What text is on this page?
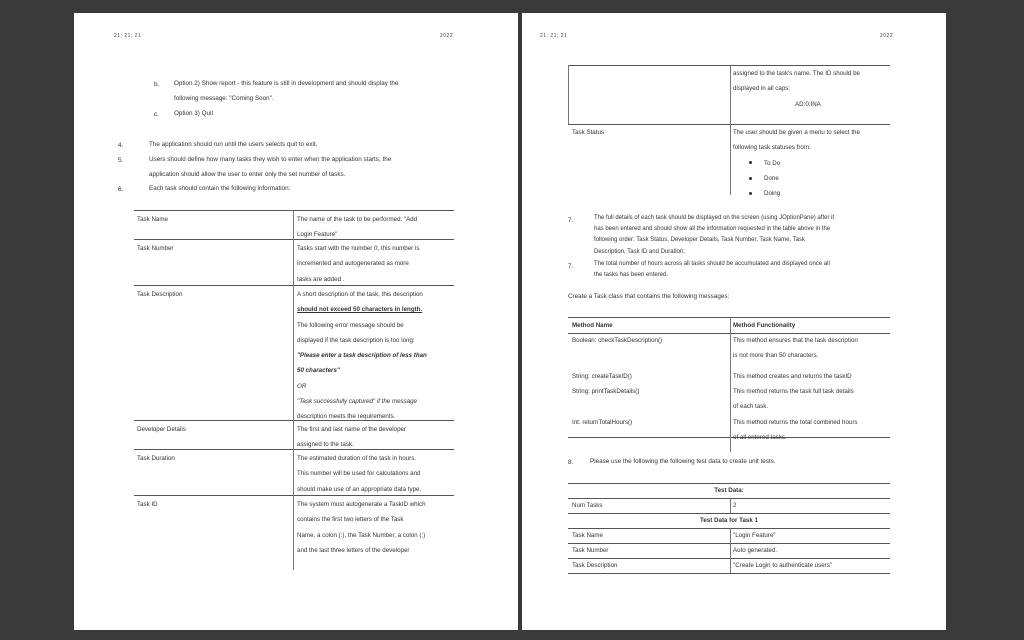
21; 21; 21	2022
b. Option 2) Show report - this feature is still in development and should display the
following message: "Coming Soon".
c. Option 3) Quit
4.	The application should run until the users selects quit to exit.
5.	Users should define how many tasks they wish to enter when the application starts, the
application should allow the user to enter only the set number of tasks.
6.	Each task should contain the following information:
Task Name	The name of the task to be performed: "Add
Login Feature"
Task Number	Tasks start with the number 0, this number is
incremented and autogenerated as more
tasks are added .
Task Description	A short description of the task, this description
should not exceed 50 characters in length.
The following error message should be
displayed if the task description is too long:
"Please enter a task description of less than
50 characters"
OR
"Task successfully captured" if the message
description meets the requirements.
Developer Details	The first and last name of the developer
assigned to the task.
Task Duration	The estimated duration of the task in hours.
This number will be used for calculations and
should make use of an appropriate data type.
Task ID	The system must autogenerate a TaskID which
contains the first two letters of the Task
Name, a colon (:), the Task Number, a colon (:)
and the last three letters of the developer
21; 21; 21	2022
assigned to the task's name. The ID should be
displayed in all caps:
AD:0:INA
Task Status	The user should be given a menu to select the
following task statuses from:
To Do
Done
Doing
7.	The full details of each task should be displayed on the screen (using JOptionPane) after it
has been entered and should show all the information requested in the table above in the
following order: Task Status, Developer Details, Task Number, Task Name, Task
Description, Task ID and Duration;
7.	The total number of hours across all tasks should be accumulated and displayed once all
the tasks has been entered.
Create a Task class that contains the following messages:
Method Name	Method Functionality
Boolean: checkTaskDescription()	This method ensures that the task description
is not more than 50 characters.
String: createTaskID()	This method creates and returns the taskID
String: printTaskDetails()	This method returns the task full task details
of each task.
Int: returnTotalHours()	This method returns the total combined hours
of all entered tasks.
8.	Please use the following the following test data to create unit tests.
Test Data:
Num Tasks	2
Test Data for Task 1
Task Name	"Login Feature"
Task Number	Auto generated.
Task Description	"Create Login to authenticate users"
